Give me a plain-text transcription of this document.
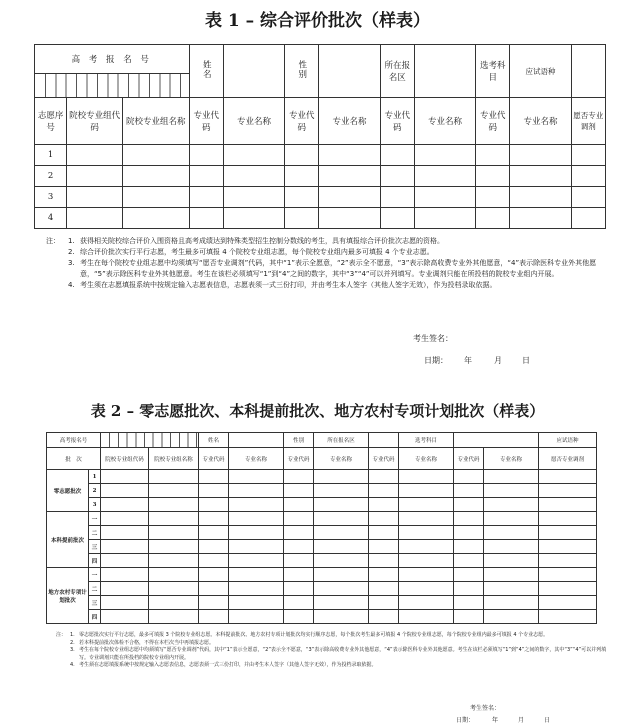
表 1 – 综合评价批次（样表）
高 考 报 名 号			姓名		性别		所在报名区		选考科目	应试语种	

志愿序号	院校专业组代码	院校专业组名称	专业代码	专业名称	专业代码	专业名称	专业代码	专业名称	专业代码	专业名称	愿否专业调剂
1											
2											
3											
4											
注：	1. 获得相关院校综合评价入围资格且高考成绩达到特殊类型招生控制分数线的考生，具有填报综合评价批次志愿的资格。
2. 综合评价批次实行平行志愿，考生最多可填报 4 个院校专业组志愿，每个院校专业组内最多可填报 4 个专业志愿。
3. 考生在每个院校专业组志愿中均须填写“愿否专业调剂”代码，其中“1”表示全愿意，“2”表示全不愿意，“3”表示除高收费专业外其他愿意，“4”表示除医科专业外其他愿意，“5”表示除医科专业外其他愿意。考生在该栏必须填写“1”到“4”之间的数字，其中“3”“4”可以并列填写。专业调剂只能在所投档的院校专业组内开展。
4. 考生须在志愿填报系统中按规定输入志愿表信息，志愿表须一式三份打印，并由考生本人签字（其他人签字无效），作为投档录取依据。
考生签名：
日期： 年	月	日
表 2 – 零志愿批次、本科提前批次、地方农村专项计划批次（样表）
高考报名号				姓名		性别	所在报名区		选考科目			应试语种
批　次		院校专业组代码	院校专业组名称	专业代码	专业名称	专业代码	专业名称	专业代码	专业名称	专业代码	专业名称	愿否专业调剂
零志愿批次	1											
	2											
	3											
本科提前批次	一											
	二											
	三											
	四											
地方农村专项计划批次	一											
	二											
	三											
	四											
注： 1. 零志愿批次实行平行志愿，最多可填报 3 个院校专业组志愿。本科提前批次、地方农村专项计划批次均实行顺序志愿，每个批次考生最多可填报 4 个院校专业组志愿，每个院校专业组内最多可填报 4 个专业志愿。
2. 若本科提前批次体检不合格，不得在本栏次当中再填报志愿。
3. 考生在每个院校专业组志愿中均须填写“愿否专业调剂”代码，其中“1”表示全愿意，“2”表示全不愿意，“3”表示除高收费专业外其他愿意，“4”表示除医科专业外其他愿意。考生在该栏必须填写“1”到“4”之间的数字，其中“3”“4”可以并列填写。专业调剂只能在所投档的院校专业组内开展。
4. 考生须在志愿填报系统中按规定输入志愿表信息，志愿表须一式三份打印，并由考生本人签字（其他人签字无效），作为投档录取依据。
考生签名：
日期：	年	月	日
